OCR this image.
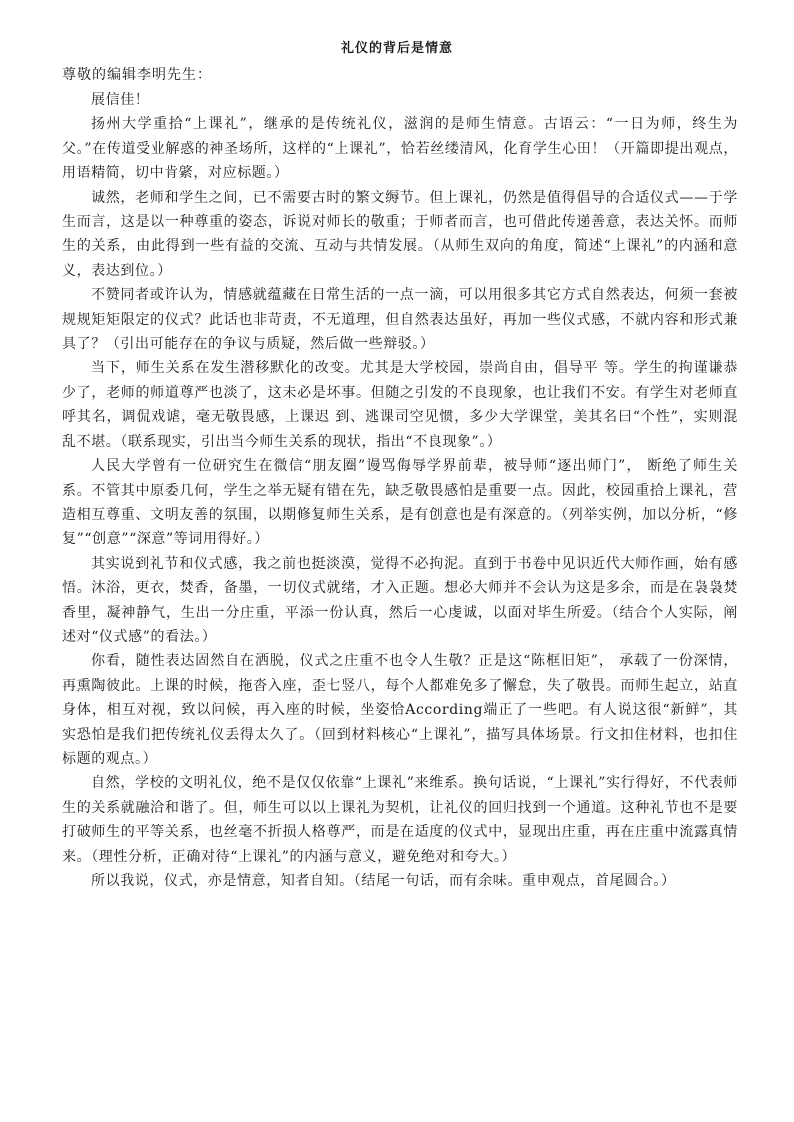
礼仪的背后是情意
尊敬的编辑李明先生：

展信佳！

扬州大学重拾“上课礼”，继承的是传统礼仪，滋润的是师生情意。古语云：“一日为师，终生为父。”在传道受业解惑的神圣场所，这样的“上课礼”，恰若丝缕清风，化育学生心田！（开篇即提出观点，用语精简，切中肯綮，对应标题。）

诚然，老师和学生之间，已不需要古时的繁文缛节。但上课礼，仍然是值得倡导的合适仪式——于学生而言，这是以一种尊重的姿态，诉说对师长的敬重；于师者而言，也可借此传递善意，表达关怀。而师生的关系，由此得到一些有益的交流、互动与共情发展。（从师生双向的角度，简述“上课礼”的内涵和意义，表达到位。）

不赞同者或许认为，情感就蕴藏在日常生活的一点一滴，可以用很多其它方式自然表达，何须一套被规规矩矩限定的仪式？此话也非苛责，不无道理，但自然表达虽好，再加一些仪式感，不就内容和形式兼具了？（引出可能存在的争议与质疑，然后做一些辩驳。）

当下，师生关系在发生潜移默化的改变。尤其是大学校园，崇尚自由，倡导平 等。学生的拘谨谦恭少了，老师的师道尊严也淡了，这未必是坏事。但随之引发的不良现象，也让我们不安。有学生对老师直呼其名，调侃戏谑，毫无敬畏感，上课迟 到、逃课司空见惯，多少大学课堂，美其名曰“个性”，实则混乱不堪。（联系现实，引出当今师生关系的现状，指出“不良现象”。）

人民大学曾有一位研究生在微信“朋友圈”谩骂侮辱学界前辈，被导师“逐出师门”， 断绝了师生关系。不管其中原委几何，学生之举无疑有错在先，缺乏敬畏感怕是重要一点。因此，校园重拾上课礼，营造相互尊重、文明友善的氛围，以期修复师生关系，是有创意也是有深意的。（列举实例，加以分析，“修复”“创意”“深意”等词用得好。）

其实说到礼节和仪式感，我之前也挺淡漠，觉得不必拘泥。直到于书卷中见识近代大师作画，始有感悟。沐浴，更衣，焚香，备墨，一切仪式就绪，才入正题。想必大师并不会认为这是多余，而是在袅袅焚香里，凝神静气，生出一分庄重，平添一份认真，然后一心虔诚，以面对毕生所爱。（结合个人实际，阐述对“仪式感”的看法。）

你看，随性表达固然自在洒脱，仪式之庄重不也令人生敬？正是这“陈框旧矩”， 承载了一份深情，再熏陶彼此。上课的时候，拖沓入座，歪七竖八，每个人都难免多了懈怠，失了敬畏。而师生起立，站直身体，相互对视，致以问候，再入座的时候，坐姿恰According端正了一些吧。有人说这很“新鲜”，其实恐怕是我们把传统礼仪丢得太久了。（回到材料核心“上课礼”，描写具体场景。行文扣住材料，也扣住标题的观点。）

自然，学校的文明礼仪，绝不是仅仅依靠“上课礼”来维系。换句话说，“上课礼”实行得好，不代表师生的关系就融洽和谐了。但，师生可以以上课礼为契机，让礼仪的回归找到一个通道。这种礼节也不是要打破师生的平等关系，也丝毫不折损人格尊严，而是在适度的仪式中，显现出庄重，再在庄重中流露真情来。（理性分析，正确对待“上课礼”的内涵与意义，避免绝对和夸大。）

所以我说，仪式，亦是情意，知者自知。（结尾一句话，而有余味。重申观点，首尾圆合。）
